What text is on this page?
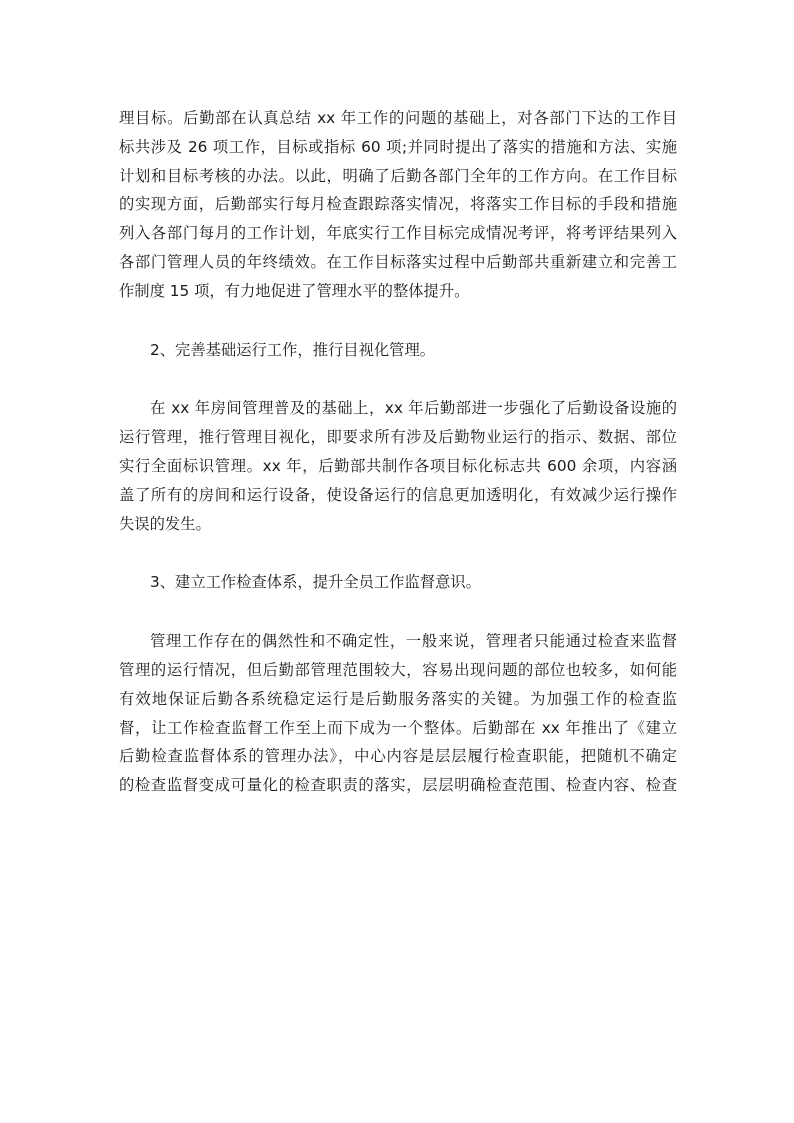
理目标。后勤部在认真总结 xx 年工作的问题的基础上，对各部门下达的工作目
标共涉及 26 项工作，目标或指标 60 项;并同时提出了落实的措施和方法、实施
计划和目标考核的办法。以此，明确了后勤各部门全年的工作方向。在工作目标
的实现方面，后勤部实行每月检查跟踪落实情况，将落实工作目标的手段和措施
列入各部门每月的工作计划，年底实行工作目标完成情况考评，将考评结果列入
各部门管理人员的年终绩效。在工作目标落实过程中后勤部共重新建立和完善工
作制度 15 项，有力地促进了管理水平的整体提升。
2、完善基础运行工作，推行目视化管理。
在 xx 年房间管理普及的基础上，xx 年后勤部进一步强化了后勤设备设施的
运行管理，推行管理目视化，即要求所有涉及后勤物业运行的指示、数据、部位
实行全面标识管理。xx 年，后勤部共制作各项目标化标志共 600 余项，内容涵
盖了所有的房间和运行设备，使设备运行的信息更加透明化，有效减少运行操作
失误的发生。
3、建立工作检查体系，提升全员工作监督意识。
管理工作存在的偶然性和不确定性，一般来说，管理者只能通过检查来监督
管理的运行情况，但后勤部管理范围较大，容易出现问题的部位也较多，如何能
有效地保证后勤各系统稳定运行是后勤服务落实的关键。为加强工作的检查监
督，让工作检查监督工作至上而下成为一个整体。后勤部在 xx 年推出了《建立
后勤检查监督体系的管理办法》，中心内容是层层履行检查职能，把随机不确定
的检查监督变成可量化的检查职责的落实，层层明确检查范围、检查内容、检查
